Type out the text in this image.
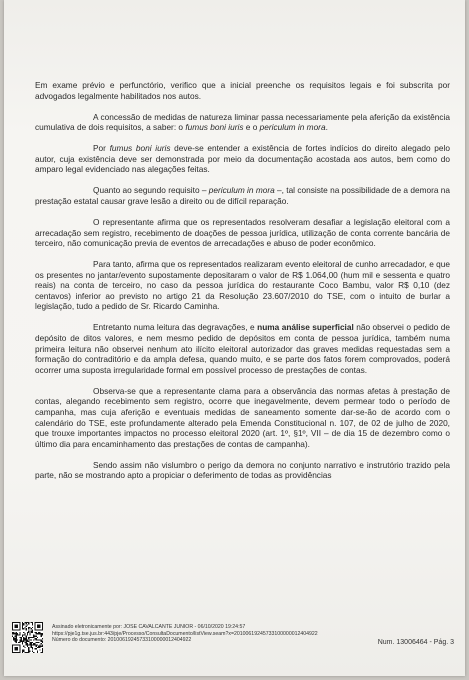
Em exame prévio e perfunctório, verifico que a inicial preenche os requisitos legais e foi subscrita por advogados legalmente habilitados nos autos.

A concessão de medidas de natureza liminar passa necessariamente pela aferição da existência cumulativa de dois requisitos, a saber: o fumus boni iuris e o periculum in mora.

Por fumus boni iuris deve-se entender a existência de fortes indícios do direito alegado pelo autor, cuja existência deve ser demonstrada por meio da documentação acostada aos autos, bem como do amparo legal evidenciado nas alegações feitas.

Quanto ao segundo requisito – periculum in mora –, tal consiste na possibilidade de a demora na prestação estatal causar grave lesão a direito ou de difícil reparação.

O representante afirma que os representados resolveram desafiar a legislação eleitoral com a arrecadação sem registro, recebimento de doações de pessoa jurídica, utilização de conta corrente bancária de terceiro, não comunicação previa de eventos de arrecadações e abuso de poder econômico.

Para tanto, afirma que os representados realizaram evento eleitoral de cunho arrecadador, e que os presentes no jantar/evento supostamente depositaram o valor de R$ 1.064,00 (hum mil e sessenta e quatro reais) na conta de terceiro, no caso da pessoa jurídica do restaurante Coco Bambu, valor R$ 0,10 (dez centavos) inferior ao previsto no artigo 21 da Resolução 23.607/2010 do TSE, com o intuito de burlar a legislação, tudo a pedido de Sr. Ricardo Caminha.

Entretanto numa leitura das degravações, e numa análise superficial não observei o pedido de depósito de ditos valores, e nem mesmo pedido de depósitos em conta de pessoa jurídica, também numa primeira leitura não observei nenhum ato ilícito eleitoral autorizador das graves medidas requestadas sem a formação do contraditório e da ampla defesa, quando muito, e se parte dos fatos forem comprovados, poderá ocorrer uma suposta irregularidade formal em possível processo de prestações de contas.

Observa-se que a representante clama para a observância das normas afetas à prestação de contas, alegando recebimento sem registro, ocorre que inegavelmente, devem permear todo o período de campanha, mas cuja aferição e eventuais medidas de saneamento somente dar-se-ão de acordo com o calendário do TSE, este profundamente alterado pela Emenda Constitucional n. 107, de 02 de julho de 2020, que trouxe importantes impactos no processo eleitoral 2020 (art. 1º, §1º, VII – de dia 15 de dezembro como o último dia para encaminhamento das prestações de contas de campanha).

Sendo assim não vislumbro o perigo da demora no conjunto narrativo e instrutório trazido pela parte, não se mostrando apto a propiciar o deferimento de todas as providências

Assinado eletronicamente por: JOSE CAVALCANTE JUNIOR - 06/10/2020 19:24:57
https://pje1g.tse.jus.br:443/pje/Processo/ConsultaDocumento/listView.seam?x=20100619245733100000012404922
Número do documento: 20100619245733100000012404922	Num. 13006464 - Pág. 3
